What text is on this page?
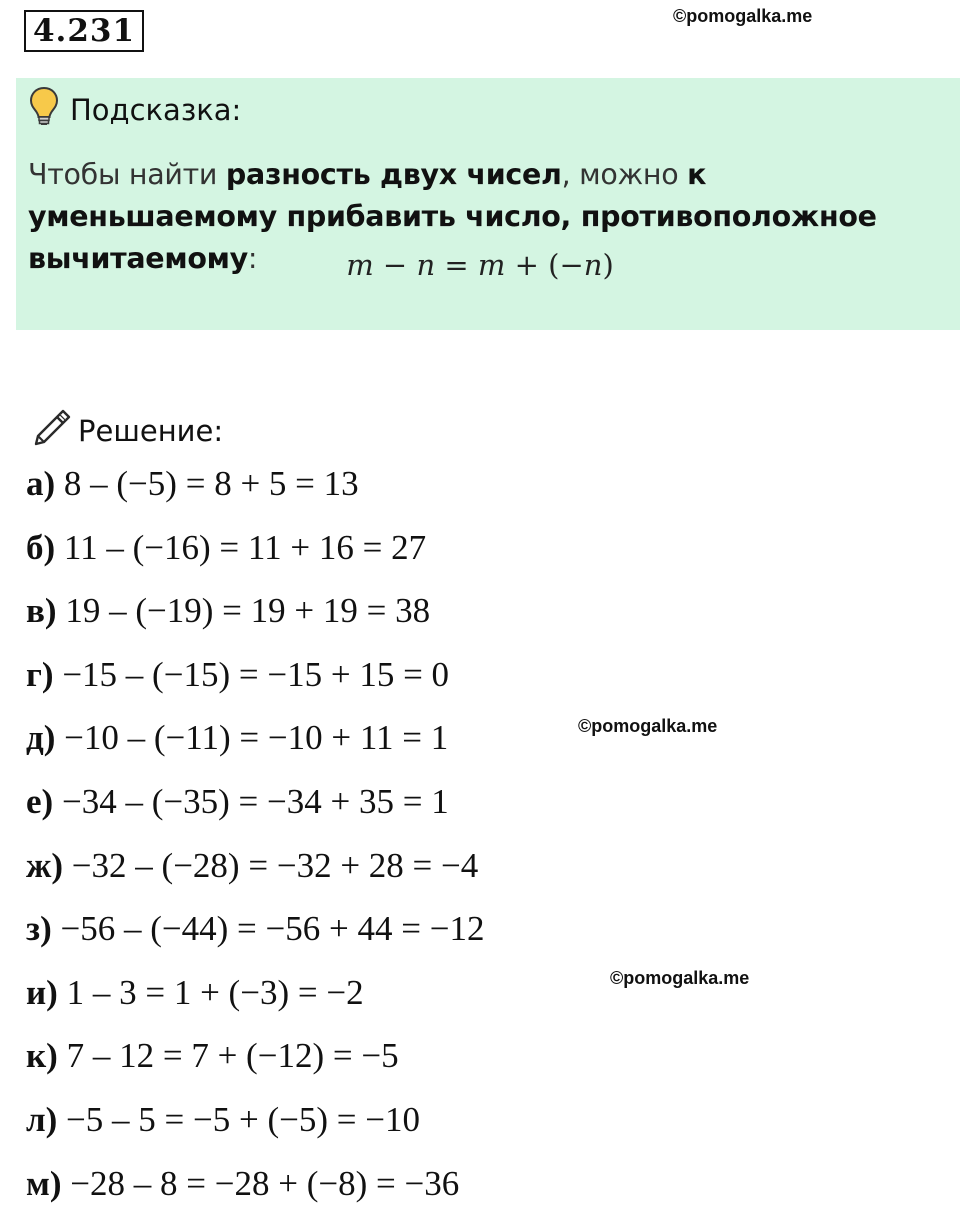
4.231	©pomogalka.me
©pomogalka.me
©pomogalka.me
Подсказка:
Чтобы найти разность двух чисел, можно к уменьшаемому прибавить число, противоположное вычитаемому:	m − n = m + (−n)
Решение:
а) 8 – (−5) = 8 + 5 = 13
б) 11 – (−16) = 11 + 16 = 27
в) 19 – (−19) = 19 + 19 = 38
г) −15 – (−15) = −15 + 15 = 0
д) −10 – (−11) = −10 + 11 = 1
е) −34 – (−35) = −34 + 35 = 1
ж) −32 – (−28) = −32 + 28 = −4
з) −56 – (−44) = −56 + 44 = −12
и) 1 – 3 = 1 + (−3) = −2
к) 7 – 12 = 7 + (−12) = −5
л) −5 – 5 = −5 + (−5) = −10
м) −28 – 8 = −28 + (−8) = −36
